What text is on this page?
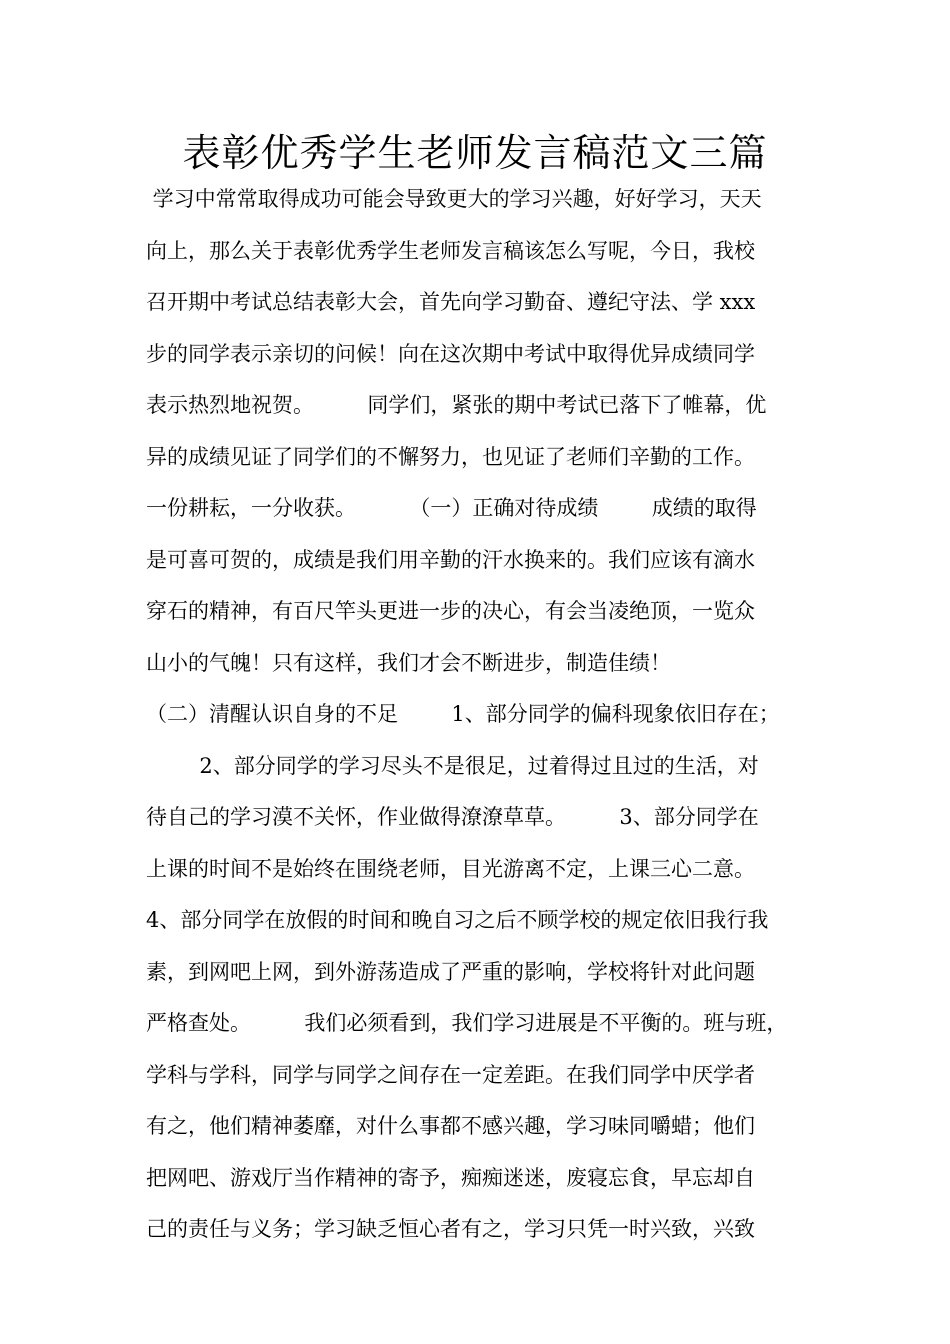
表彰优秀学生老师发言稿范文三篇
学习中常常取得成功可能会导致更大的学习兴趣，好好学习，天天
向上，那么关于表彰优秀学生老师发言稿该怎么写呢，今日，我校
召开期中考试总结表彰大会，首先向学习勤奋、遵纪守法、学 xxx
步的同学表示亲切的问候！向在这次期中考试中取得优异成绩同学
表示热烈地祝贺。        同学们，紧张的期中考试已落下了帷幕，优
异的成绩见证了同学们的不懈努力，也见证了老师们辛勤的工作。
一份耕耘，一分收获。        （一）正确对待成绩        成绩的取得
是可喜可贺的，成绩是我们用辛勤的汗水换来的。我们应该有滴水
穿石的精神，有百尺竿头更进一步的决心，有会当凌绝顶，一览众
山小的气魄！只有这样，我们才会不断进步，制造佳绩！
（二）清醒认识自身的不足        1、部分同学的偏科现象依旧存在；
2、部分同学的学习尽头不是很足，过着得过且过的生活，对
待自己的学习漠不关怀，作业做得潦潦草草。        3、部分同学在
上课的时间不是始终在围绕老师，目光游离不定，上课三心二意。
4、部分同学在放假的时间和晚自习之后不顾学校的规定依旧我行我
素，到网吧上网，到外游荡造成了严重的影响，学校将针对此问题
严格查处。        我们必须看到，我们学习进展是不平衡的。班与班，
学科与学科，同学与同学之间存在一定差距。在我们同学中厌学者
有之，他们精神萎靡，对什么事都不感兴趣，学习味同嚼蜡；他们
把网吧、游戏厅当作精神的寄予，痴痴迷迷，废寝忘食，早忘却自
己的责任与义务；学习缺乏恒心者有之，学习只凭一时兴致，兴致
